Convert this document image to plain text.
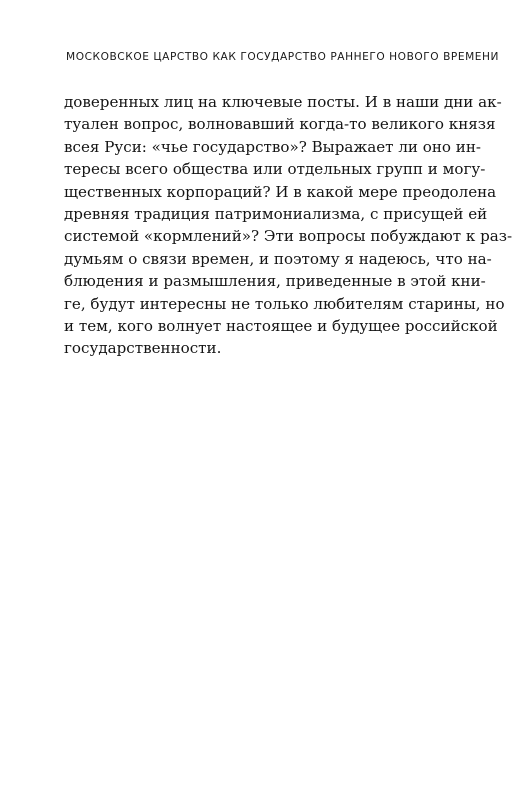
МОСКОВСКОЕ ЦАРСТВО КАК ГОСУДАРСТВО РАННЕГО НОВОГО ВРЕМЕНИ
доверенных лиц на ключевые посты. И в наши дни ак-
туален вопрос, волновавший когда-то великого князя
всея Руси: «чье государство»? Выражает ли оно ин-
тересы всего общества или отдельных групп и могу-
щественных корпораций? И в какой мере преодолена
древняя традиция патримониализма, с присущей ей
системой «кормлений»? Эти вопросы побуждают к раз-
думьям о связи времен, и поэтому я надеюсь, что на-
блюдения и размышления, приведенные в этой кни-
ге, будут интересны не только любителям старины, но
и тем, кого волнует настоящее и будущее российской
государственности.
